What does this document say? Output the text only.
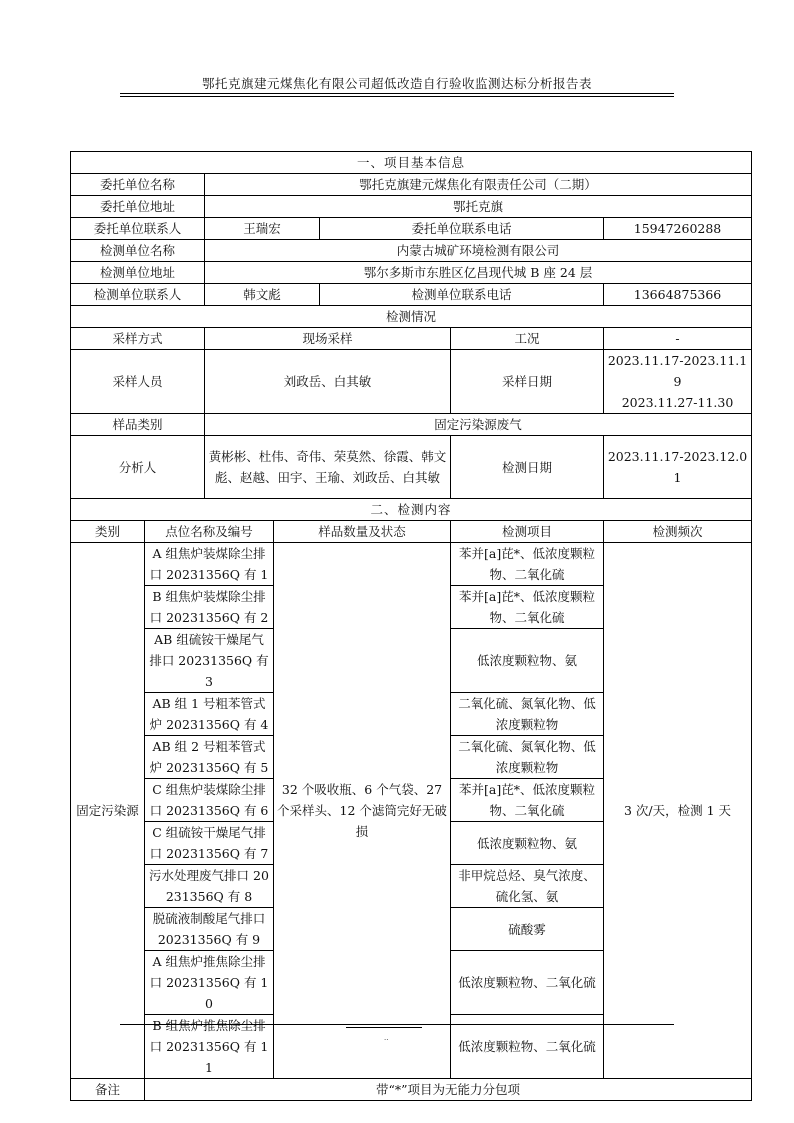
鄂托克旗建元煤焦化有限公司超低改造自行验收监测达标分析报告表
一、项目基本信息						
委托单位名称		鄂托克旗建元煤焦化有限责任公司（二期）				
委托单位地址		鄂托克旗				
委托单位联系人		王瑞宏		委托单位联系电话		15947260288
检测单位名称		内蒙古城矿环境检测有限公司				
检测单位地址		鄂尔多斯市东胜区亿昌现代城 B 座 24 层				
检测单位联系人		韩文彪		检测单位联系电话		13664875366
检测情况						
采样方式		现场采样			工况	-
采样人员		刘政岳、白其敏			采样日期	2023.11.17-2023.11.19
2023.11.27-11.30

样品类别		固定污染源废气				
分析人		黄彬彬、杜伟、奇伟、荣莫然、徐霞、韩文彪、赵越、田宇、王瑜、刘政岳、白其敏			检测日期	2023.11.17-2023.12.01
二、检测内容						
类别	点位名称及编号		样品数量及状态		检测项目	检测频次
固定污染源	A 组焦炉装煤除尘排口 20231356Q 有 1		32 个吸收瓶、6 个气袋、27 个采样头、12 个滤筒完好无破损		苯并[a]芘*、低浓度颗粒物、二氧化硫	3 次/天，检测 1 天
	B 组焦炉装煤除尘排口 20231356Q 有 2				苯并[a]芘*、低浓度颗粒物、二氧化硫	
	AB 组硫铵干燥尾气排口 20231356Q 有 3				低浓度颗粒物、氨	
	AB 组 1 号粗苯管式炉 20231356Q 有 4				二氧化硫、氮氧化物、低浓度颗粒物	
	AB 组 2 号粗苯管式炉 20231356Q 有 5				二氧化硫、氮氧化物、低浓度颗粒物	
	C 组焦炉装煤除尘排口 20231356Q 有 6				苯并[a]芘*、低浓度颗粒物、二氧化硫	
	C 组硫铵干燥尾气排口 20231356Q 有 7				低浓度颗粒物、氨	
	污水处理废气排口 20231356Q 有 8				非甲烷总烃、臭气浓度、硫化氢、氨	
	脱硫液制酸尾气排口 20231356Q 有 9				硫酸雾	
	A 组焦炉推焦除尘排口 20231356Q 有 10				低浓度颗粒物、二氧化硫	
	B 组焦炉推焦除尘排口 20231356Q 有 11				低浓度颗粒物、二氧化硫	
备注	带“*”项目为无能力分包项					
··
